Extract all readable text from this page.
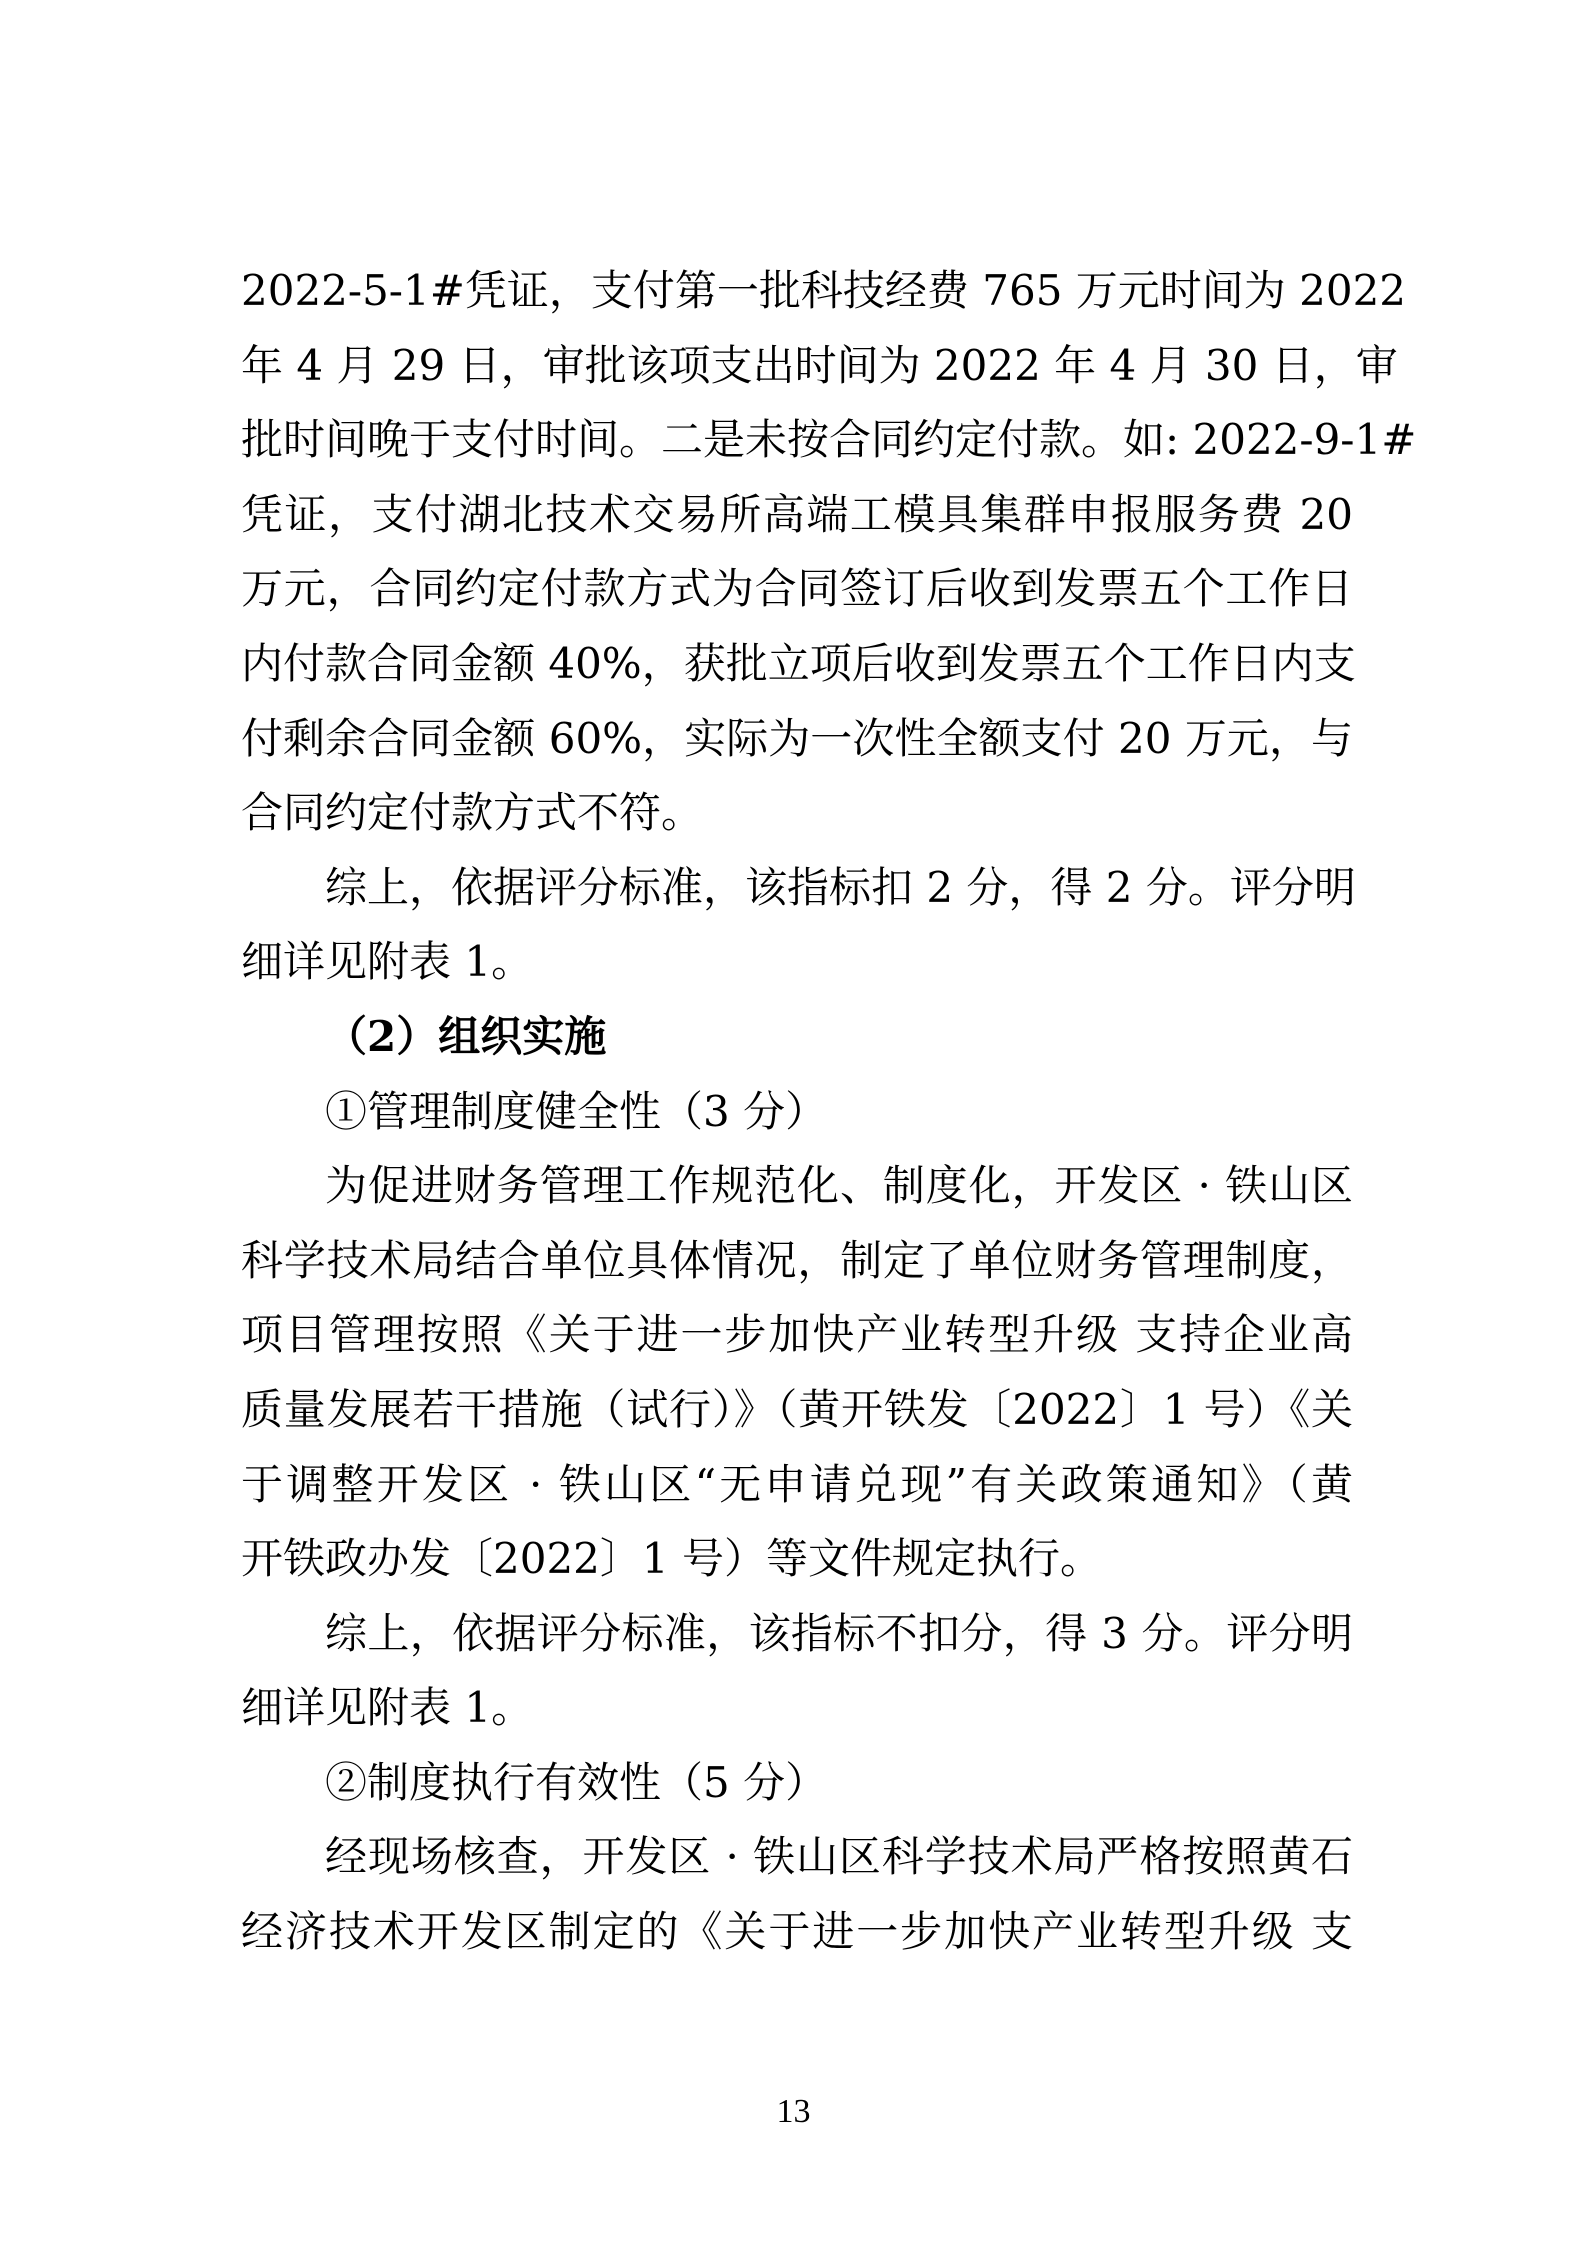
2022-5-1#凭证，支付第一批科技经费 765 万元时间为 2022
年 4 月 29 日，审批该项支出时间为 2022 年 4 月 30 日，审
批时间晚于支付时间。二是未按合同约定付款。如: 2022-9-1#
凭证，支付湖北技术交易所高端工模具集群申报服务费 20
万元，合同约定付款方式为合同签订后收到发票五个工作日
内付款合同金额 40%，获批立项后收到发票五个工作日内支
付剩余合同金额 60%，实际为一次性全额支付 20 万元，与
合同约定付款方式不符。
综上，依据评分标准，该指标扣 2 分，得 2 分。评分明
细详见附表 1。
（2）组织实施
①管理制度健全性（3 分）
为促进财务管理工作规范化、制度化，开发区 · 铁山区
科学技术局结合单位具体情况，制定了单位财务管理制度，
项目管理按照《关于进一步加快产业转型升级 支持企业高
质量发展若干措施（试行）》（黄开铁发〔2022〕1 号）《关
于调整开发区 · 铁山区“无申请兑现”有关政策通知》（黄
开铁政办发〔2022〕1 号）等文件规定执行。
综上，依据评分标准，该指标不扣分，得 3 分。评分明
细详见附表 1。
②制度执行有效性（5 分）
经现场核查，开发区 · 铁山区科学技术局严格按照黄石
经济技术开发区制定的《关于进一步加快产业转型升级 支
13
